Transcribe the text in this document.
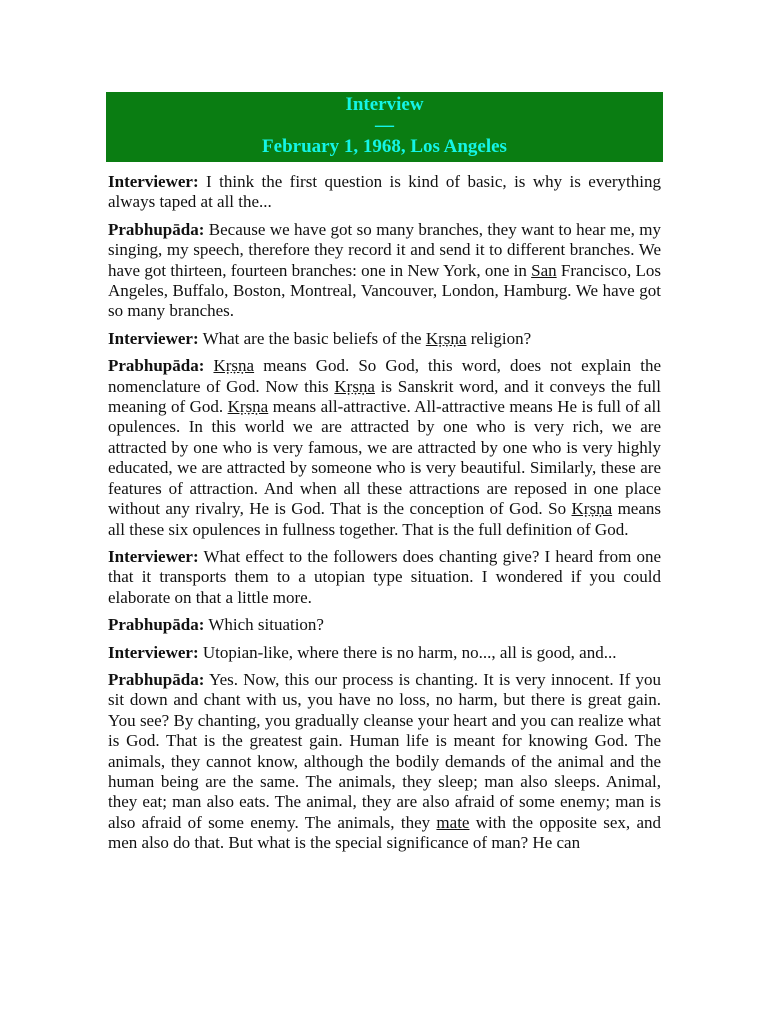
Interview
—
February 1, 1968, Los Angeles

Interviewer: I think the first question is kind of basic, is why is everything always taped at all the...

Prabhupāda: Because we have got so many branches, they want to hear me, my singing, my speech, therefore they record it and send it to different branches. We have got thirteen, fourteen branches: one in New York, one in San Francisco, Los Angeles, Buffalo, Boston, Montreal, Vancouver, London, Hamburg. We have got so many branches.

Interviewer: What are the basic beliefs of the Kṛṣṇa religion?

Prabhupāda: Kṛṣṇa means God. So God, this word, does not explain the nomenclature of God. Now this Kṛṣṇa is Sanskrit word, and it conveys the full meaning of God. Kṛṣṇa means all-attractive. All-attractive means He is full of all opulences. In this world we are attracted by one who is very rich, we are attracted by one who is very famous, we are attracted by one who is very highly educated, we are attracted by someone who is very beautiful. Similarly, these are features of attraction. And when all these attractions are reposed in one place without any rivalry, He is God. That is the conception of God. So Kṛṣṇa means all these six opulences in fullness together. That is the full definition of God.

Interviewer: What effect to the followers does chanting give? I heard from one that it transports them to a utopian type situation. I wondered if you could elaborate on that a little more.

Prabhupāda: Which situation?

Interviewer: Utopian-like, where there is no harm, no..., all is good, and...

Prabhupāda: Yes. Now, this our process is chanting. It is very innocent. If you sit down and chant with us, you have no loss, no harm, but there is great gain. You see? By chanting, you gradually cleanse your heart and you can realize what is God. That is the greatest gain. Human life is meant for knowing God. The animals, they cannot know, although the bodily demands of the animal and the human being are the same. The animals, they sleep; man also sleeps. Animal, they eat; man also eats. The animal, they are also afraid of some enemy; man is also afraid of some enemy. The animals, they mate with the opposite sex, and men also do that. But what is the special significance of man? He can
